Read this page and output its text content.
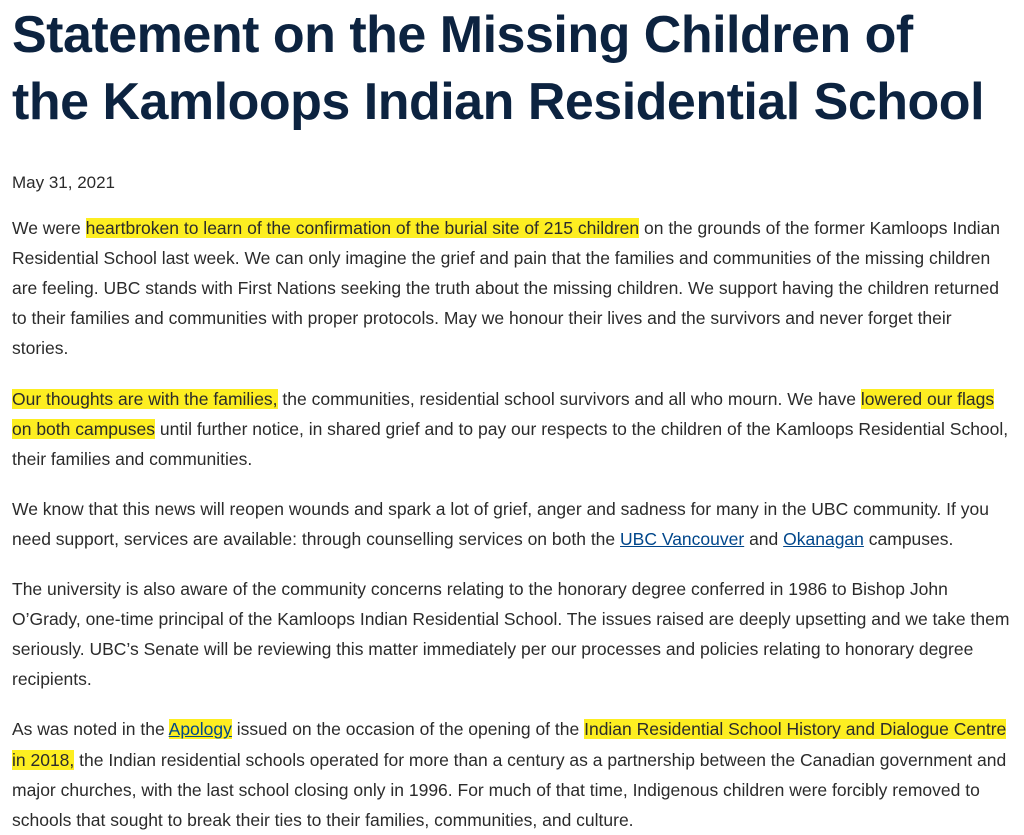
Statement on the Missing Children of the Kamloops Indian Residential School

May 31, 2021

We were heartbroken to learn of the confirmation of the burial site of 215 children on the grounds of the former Kamloops Indian Residential School last week. We can only imagine the grief and pain that the families and communities of the missing children are feeling. UBC stands with First Nations seeking the truth about the missing children. We support having the children returned to their families and communities with proper protocols. May we honour their lives and the survivors and never forget their stories.

Our thoughts are with the families, the communities, residential school survivors and all who mourn. We have lowered our flags on both campuses until further notice, in shared grief and to pay our respects to the children of the Kamloops Residential School, their families and communities.

We know that this news will reopen wounds and spark a lot of grief, anger and sadness for many in the UBC community. If you need support, services are available: through counselling services on both the UBC Vancouver and Okanagan campuses.

The university is also aware of the community concerns relating to the honorary degree conferred in 1986 to Bishop John O’Grady, one-time principal of the Kamloops Indian Residential School. The issues raised are deeply upsetting and we take them seriously. UBC’s Senate will be reviewing this matter immediately per our processes and policies relating to honorary degree recipients.

As was noted in the Apology issued on the occasion of the opening of the Indian Residential School History and Dialogue Centre in 2018, the Indian residential schools operated for more than a century as a partnership between the Canadian government and major churches, with the last school closing only in 1996. For much of that time, Indigenous children were forcibly removed to schools that sought to break their ties to their families, communities, and culture.
